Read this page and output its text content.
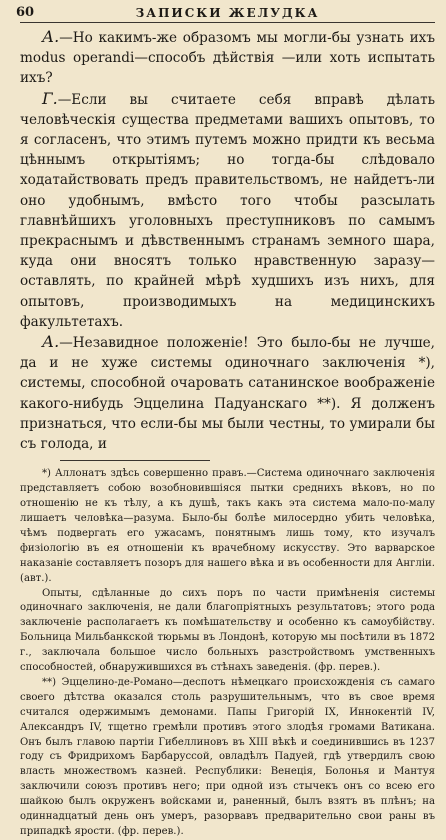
60	ЗАПИСКИ ЖЕЛУДКА

А.—Но какимъ-же образомъ мы могли-бы узнать ихъ modus operandi—способъ дѣйствія —или хоть испытать ихъ?

Г.—Если вы считаете себя вправѣ дѣлать человѣческія существа предметами вашихъ опытовъ, то я согласенъ, что этимъ путемъ можно придти къ весьма цѣннымъ открытіямъ; но тогда-бы слѣдовало ходатайствовать предъ правительствомъ, не найдетъ-ли оно удобнымъ, вмѣсто того чтобы разсылать главнѣйшихъ уголовныхъ преступниковъ по самымъ прекраснымъ и дѣвственнымъ странамъ земного шара, куда они вносятъ только нравственную заразу—оставлять, по крайней мѣрѣ худшихъ изъ нихъ, для опытовъ, производимыхъ на медицинскихъ факультетахъ.

А.—Незавидное положеніе! Это было-бы не лучше, да и не хуже системы одиночнаго заключенія *), системы, способной очаровать сатанинское воображеніе какого-нибудь Эццелина Падуанскаго **). Я долженъ признаться, что если-бы мы были честны, то умирали бы съ голода, и

*) Аллонатъ здѣсь совершенно правъ.—Система одиночнаго заключенія представляетъ собою возобновившіяся пытки среднихъ вѣковъ, но по отношенію не къ тѣлу, а къ душѣ, такъ какъ эта система мало-по-малу лишаетъ человѣка—разума. Было-бы болѣе милосердно убить человѣка, чѣмъ подвергать его ужасамъ, понятнымъ лишь тому, кто изучалъ физіологію въ ея отношеніи къ врачебному искусству. Это варварское наказаніе составляетъ позоръ для нашего вѣка и въ особенности для Англіи. (авт.).

Опыты, сдѣланные до сихъ поръ по части примѣненія системы одиночнаго заключенія, не дали благопріятныхъ результатовъ; этого рода заключеніе располагаетъ къ помѣшательству и особенно къ самоубійству. Больница Мильбанкской тюрьмы въ Лондонѣ, которую мы посѣтили въ 1872 г., заключала большое число больныхъ разстройствомъ умственныхъ способностей, обнаружившихся въ стѣнахъ заведенія. (фр. перев.).

**) Эццелино-де-Романо—деспотъ нѣмецкаго происхожденія съ самаго своего дѣтства оказался столь разрушительнымъ, что въ свое время считался одержимымъ демонами. Папы Григорій IX, Иннокентій IV, Александръ IV, тщетно гремѣли противъ этого злодѣя громами Ватикана. Онъ былъ главою партіи Гибеллиновъ въ XIII вѣкѣ и соединившись въ 1237 году съ Фридрихомъ Барбаруссой, овладѣлъ Падуей, гдѣ утвердилъ свою власть множествомъ казней. Республики: Венеція, Болонья и Мантуя заключили союзъ противъ него; при одной изъ стычекъ онъ со всею его шайкою былъ окруженъ войсками и, раненный, былъ взятъ въ плѣнъ; на одиннадцатый день онъ умеръ, разорвавъ предварительно свои раны въ припадкѣ ярости. (фр. перев.).
